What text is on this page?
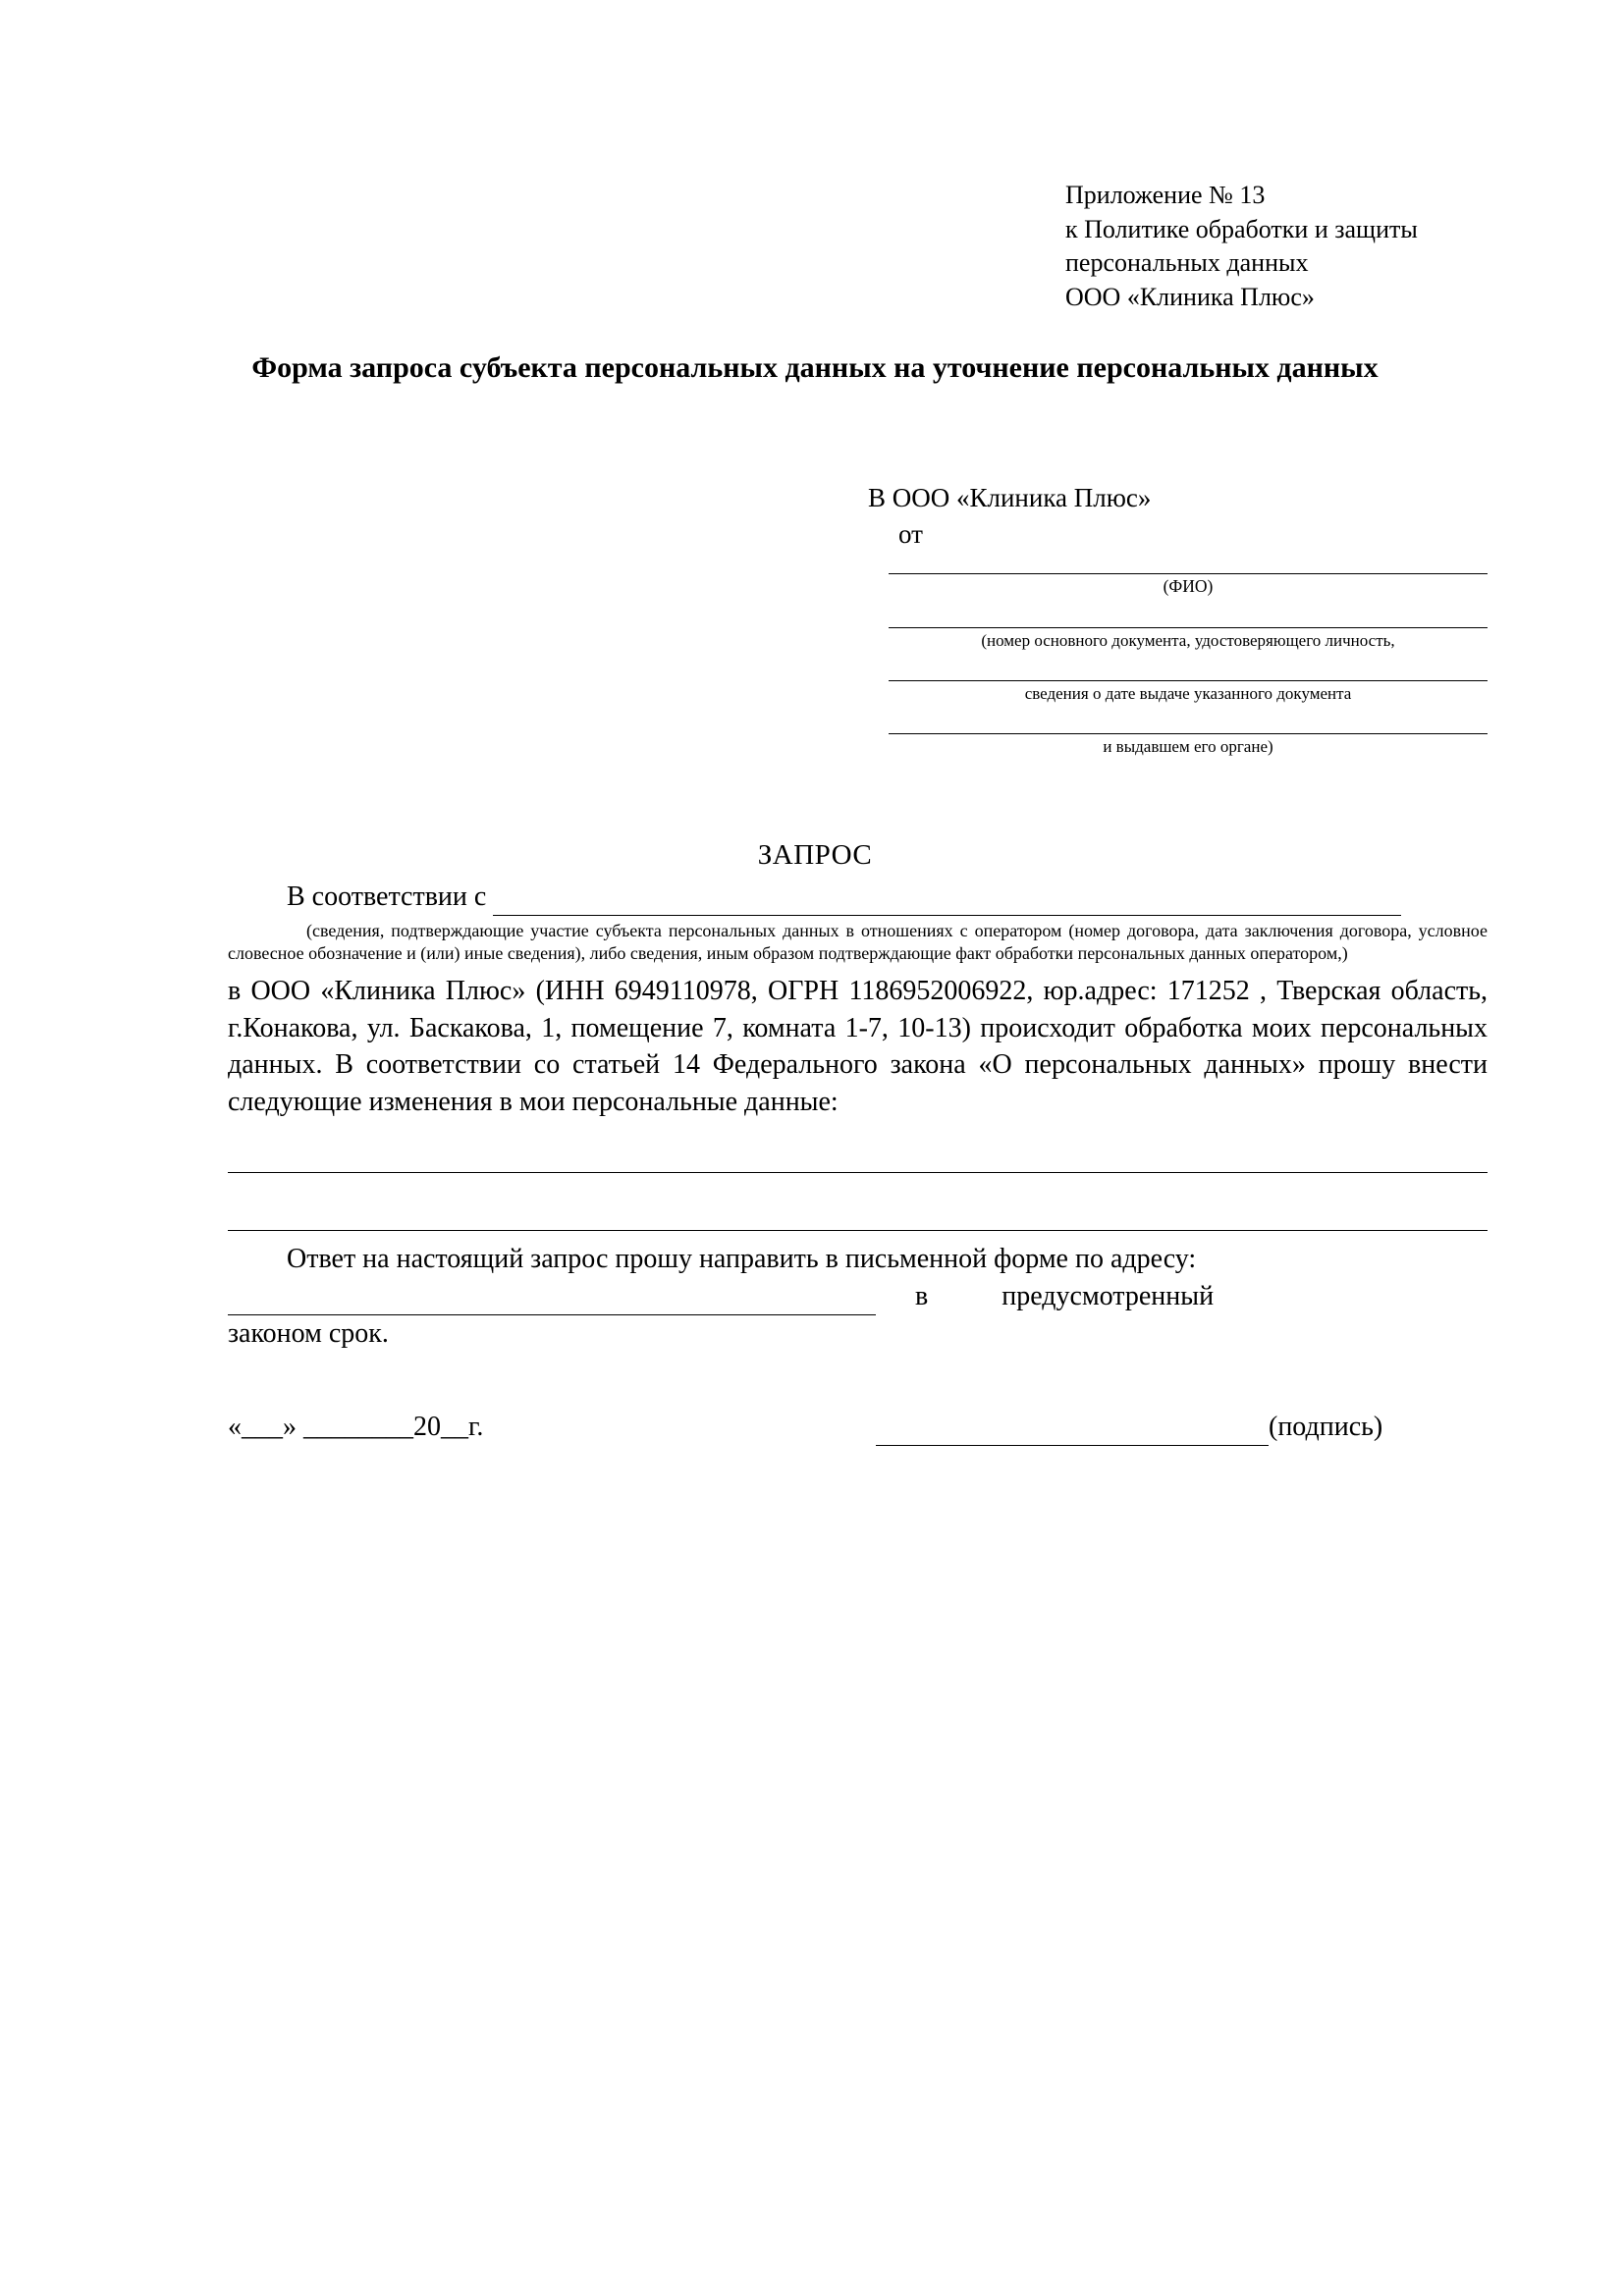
Приложение № 13
к Политике обработки и защиты
персональных данных
ООО «Клиника Плюс»
Форма запроса субъекта персональных данных на уточнение персональных данных
В ООО «Клиника Плюс»
от
(ФИО)
(номер основного документа, удостоверяющего личность,
сведения о дате выдаче указанного документа
и выдавшем его органе)
ЗАПРОС
В соответствии с
(сведения, подтверждающие участие субъекта персональных данных в отношениях с оператором (номер договора, дата заключения договора, условное словесное обозначение и (или) иные сведения), либо сведения, иным образом подтверждающие факт обработки персональных данных оператором,)
в ООО «Клиника Плюс» (ИНН 6949110978, ОГРН 1186952006922, юр.адрес: 171252 , Тверская область, г.Конакова, ул. Баскакова, 1, помещение 7, комната 1-7, 10-13) происходит обработка моих персональных данных. В соответствии со статьей 14 Федерального закона «О персональных данных» прошу внести следующие изменения в мои персональные данные:
Ответ на настоящий запрос прошу направить в письменной форме по адресу:
в	предусмотренный
законом срок.
«___» ________20__г.	(подпись)
